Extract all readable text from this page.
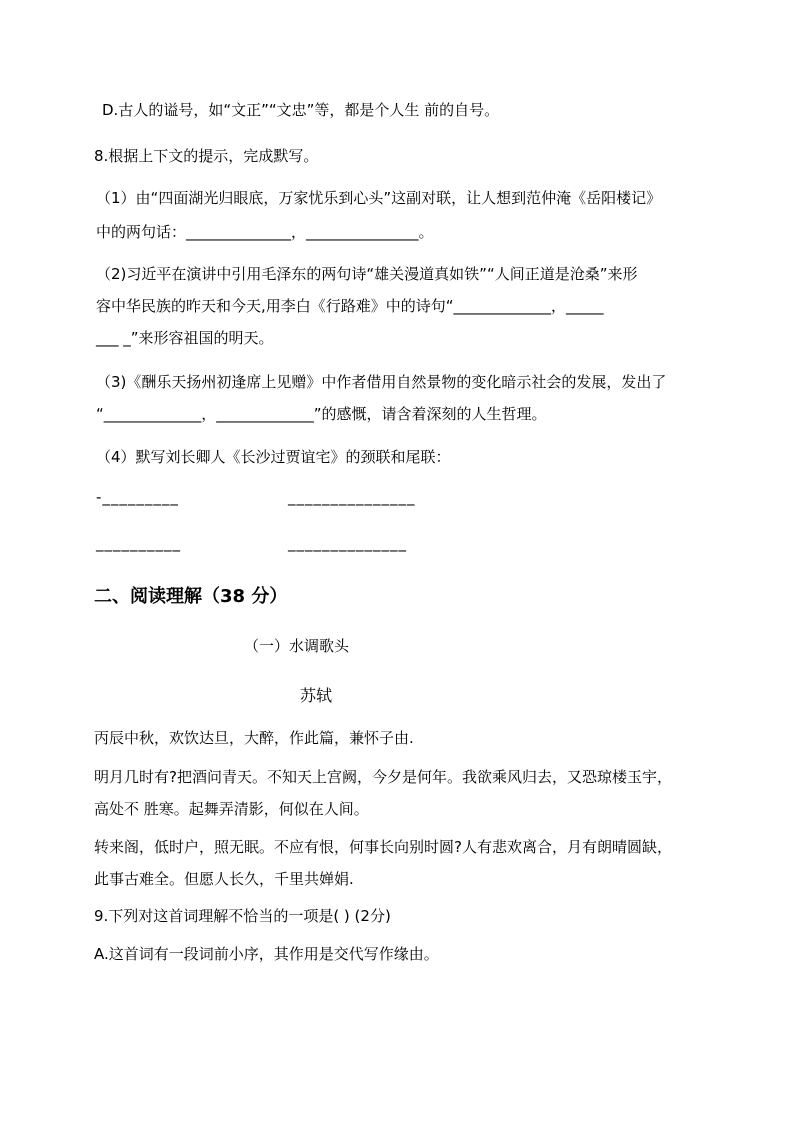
D.古人的谥号，如“文正”“文忠”等，都是个人生 前的自号。
8.根据上下文的提示，完成默写。
（1）由“四面湖光归眼底，万家忧乐到心头”这副对联，让人想到范仲淹《岳阳楼记》
中的两句话：______________，_______________。
（2)习近平在演讲中引用毛泽东的两句诗“雄关漫道真如铁”“人间正道是沧桑”来形
容中华民族的昨天和今天,用李白《行路难》中的诗句“_____________，_____
___ _”来形容祖国的明天。
（3)《酬乐天扬州初逢席上见赠》中作者借用自然景物的变化暗示社会的发展，发出了
“_____________，_____________”的感慨，请含着深刻的人生哲理。
（4）默写刘长卿人《长沙过贾谊宅》的颈联和尾联：
-_________	_______________
__________	______________
二、阅读理解（38 分）
（一）水调歌头
苏轼
丙辰中秋，欢饮达旦，大醉，作此篇，兼怀子由.
明月几时有?把酒问青天。不知天上宫阙，今夕是何年。我欲乘风归去，又恐琼楼玉宇，
高处不 胜寒。起舞弄清影，何似在人间。
转来阁，低时户，照无眠。不应有恨，何事长向别时圆?人有悲欢离合，月有朗晴圆缺，
此事古难全。但愿人长久，千里共婵娟.
9.下列对这首词理解不恰当的一项是( ) (2分)
A.这首词有一段词前小序，其作用是交代写作缘由。
